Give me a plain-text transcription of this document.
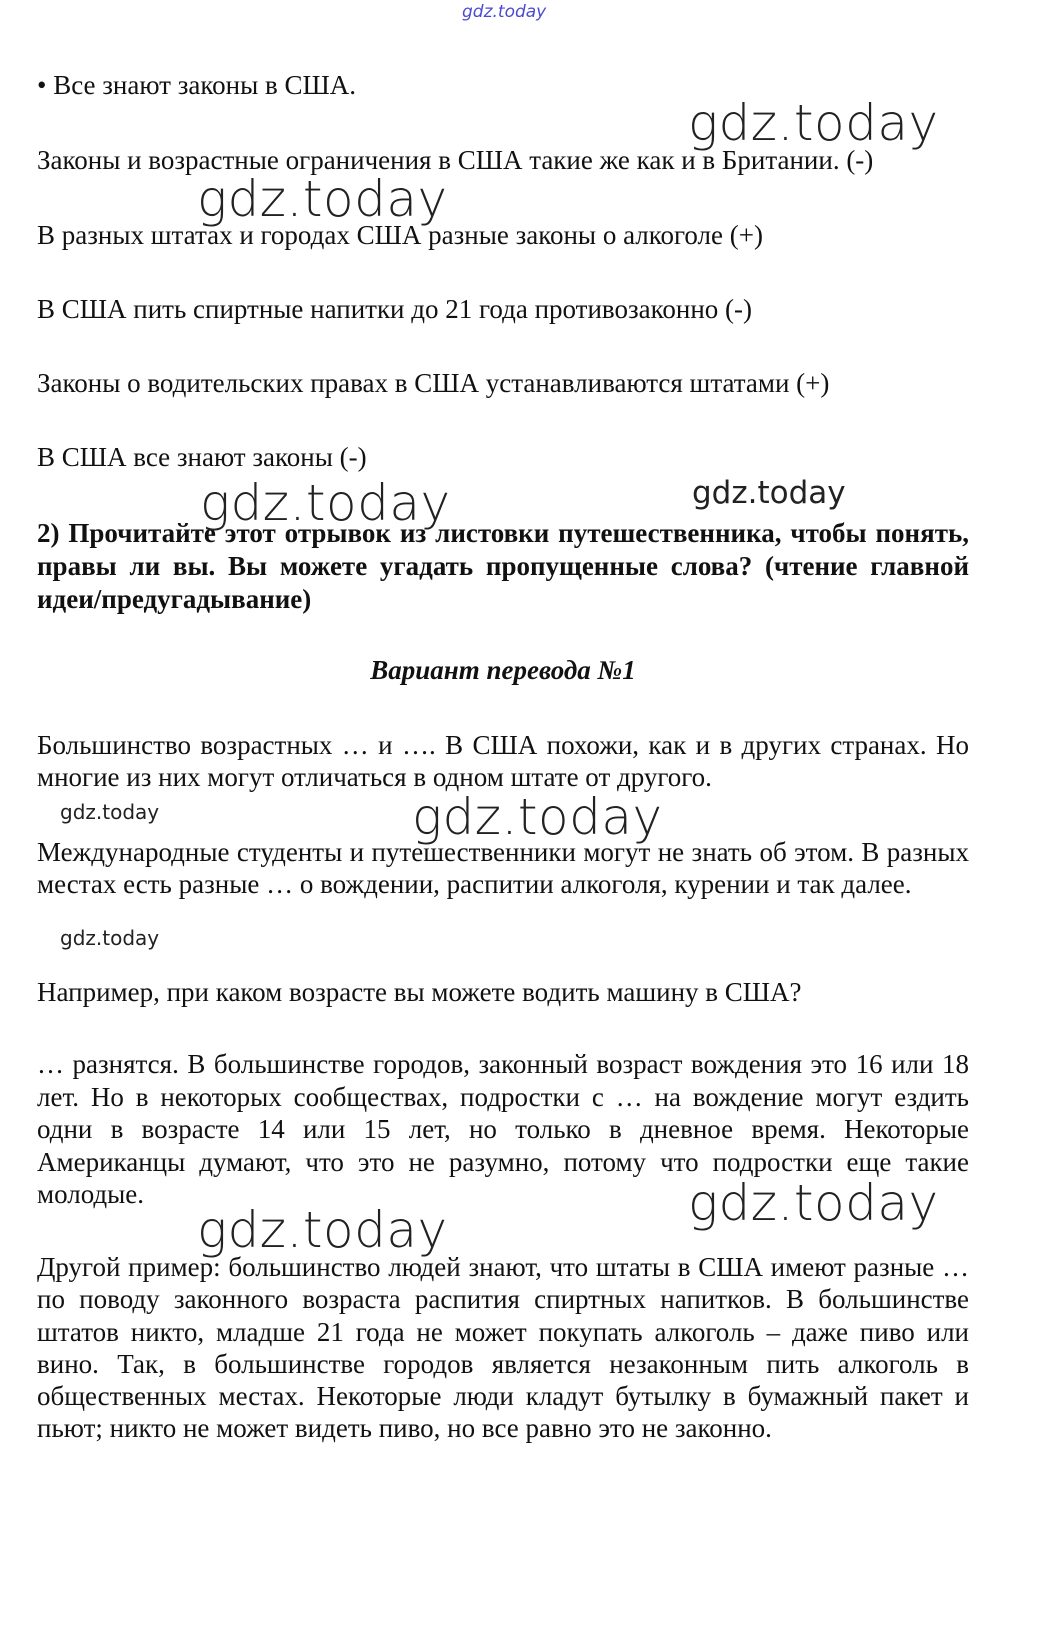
gdz.today

• Все знают законы в США.

Законы и возрастные ограничения в США такие же как и в Британии. (-)

В разных штатах и городах США разные законы о алкоголе (+)

В США пить спиртные напитки до 21 года противозаконно (-)

Законы о водительских правах в США устанавливаются штатами (+)

В США все знают законы (-)

2) Прочитайте этот отрывок из листовки путешественника, чтобы понять, правы ли вы. Вы можете угадать пропущенные слова? (чтение главной идеи/предугадывание)

Вариант перевода №1

Большинство возрастных … и …. В США похожи, как и в других странах. Но многие из них могут отличаться в одном штате от другого.

Международные студенты и путешественники могут не знать об этом. В разных местах есть разные … о вождении, распитии алкоголя, курении и так далее.

Например, при каком возрасте вы можете водить машину в США?

… разнятся. В большинстве городов, законный возраст вождения это 16 или 18 лет. Но в некоторых сообществах, подростки с … на вождение могут ездить одни в возрасте 14 или 15 лет, но только в дневное время. Некоторые Американцы думают, что это не разумно, потому что подростки еще такие молодые.

Другой пример: большинство людей знают, что штаты в США имеют разные … по поводу законного возраста распития спиртных напитков. В большинстве штатов никто, младше 21 года не может покупать алкоголь – даже пиво или вино. Так, в большинстве городов является незаконным пить алкоголь в общественных местах. Некоторые люди кладут бутылку в бумажный пакет и пьют; никто не может видеть пиво, но все равно это не законно.

gdz.today
gdz.today
gdz.today	gdz.today
gdz.today	gdz.today
gdz.today
gdz.today
gdz.today
